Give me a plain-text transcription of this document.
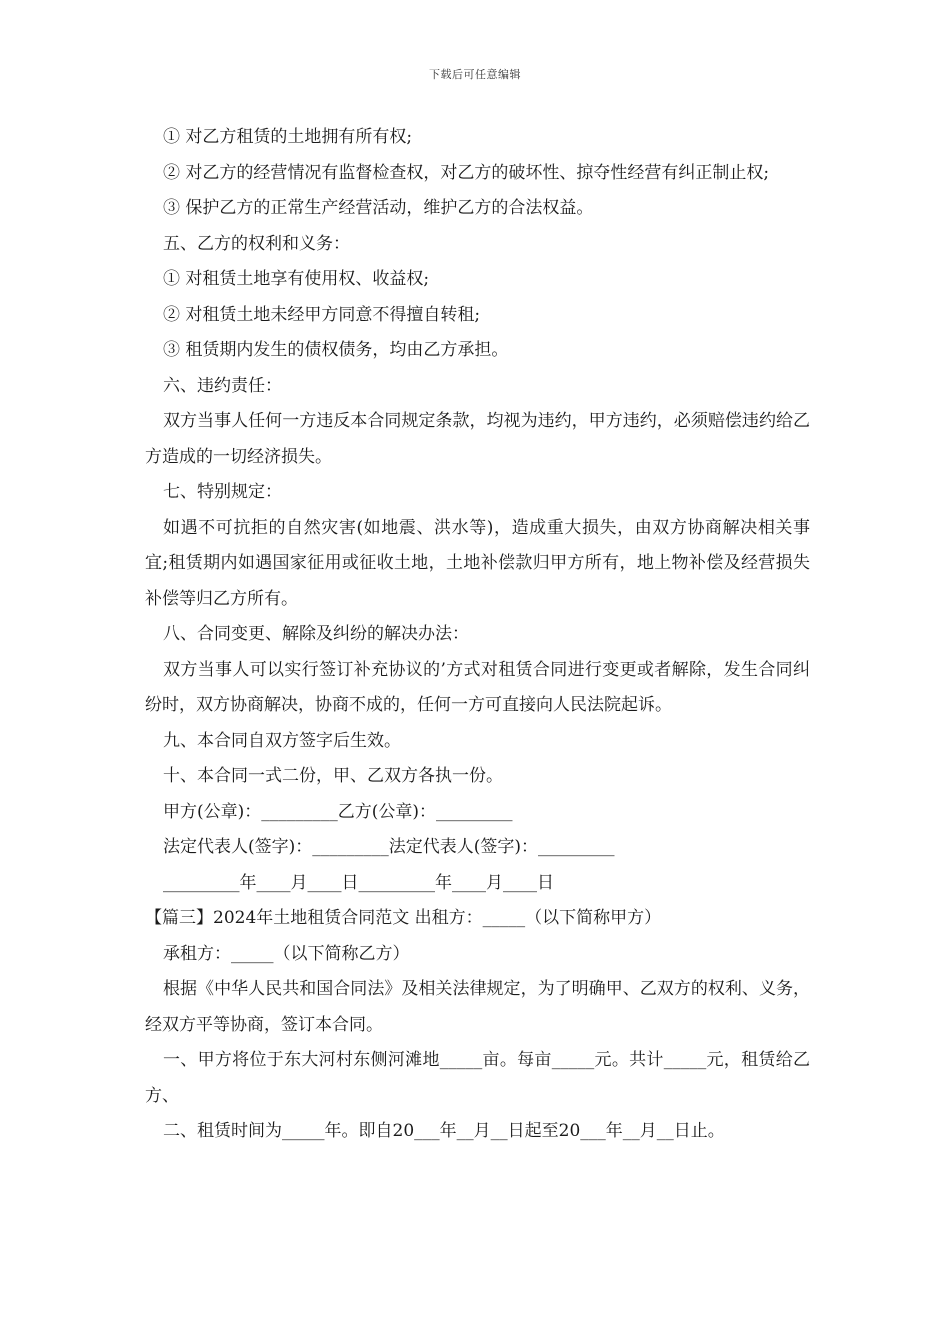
下载后可任意编辑

① 对乙方租赁的土地拥有所有权;

② 对乙方的经营情况有监督检查权，对乙方的破坏性、掠夺性经营有纠正制止权;

③ 保护乙方的正常生产经营活动，维护乙方的合法权益。

五、乙方的权利和义务：

① 对租赁土地享有使用权、收益权;

② 对租赁土地未经甲方同意不得擅自转租;

③ 租赁期内发生的债权债务，均由乙方承担。

六、违约责任：

双方当事人任何一方违反本合同规定条款，均视为违约，甲方违约，必须赔偿违约给乙方造成的一切经济损失。

七、特别规定：

如遇不可抗拒的自然灾害(如地震、洪水等)，造成重大损失，由双方协商解决相关事宜;租赁期内如遇国家征用或征收土地，土地补偿款归甲方所有，地上物补偿及经营损失补偿等归乙方所有。

八、合同变更、解除及纠纷的解决办法：

双方当事人可以实行签订补充协议的’方式对租赁合同进行变更或者解除，发生合同纠纷时，双方协商解决，协商不成的，任何一方可直接向人民法院起诉。

九、本合同自双方签字后生效。

十、本合同一式二份，甲、乙双方各执一份。

甲方(公章)：_________乙方(公章)：_________

法定代表人(签字)：_________法定代表人(签字)：_________

_________年____月____日_________年____月____日

【篇三】2024年土地租赁合同范文 出租方：_____（以下简称甲方）

承租方：_____（以下简称乙方）

根据《中华人民共和国合同法》及相关法律规定，为了明确甲、乙双方的权利、义务，经双方平等协商，签订本合同。

一、甲方将位于东大河村东侧河滩地_____亩。每亩_____元。共计_____元，租赁给乙方、

二、租赁时间为_____年。即自20___年__月__日起至20___年__月__日止。
